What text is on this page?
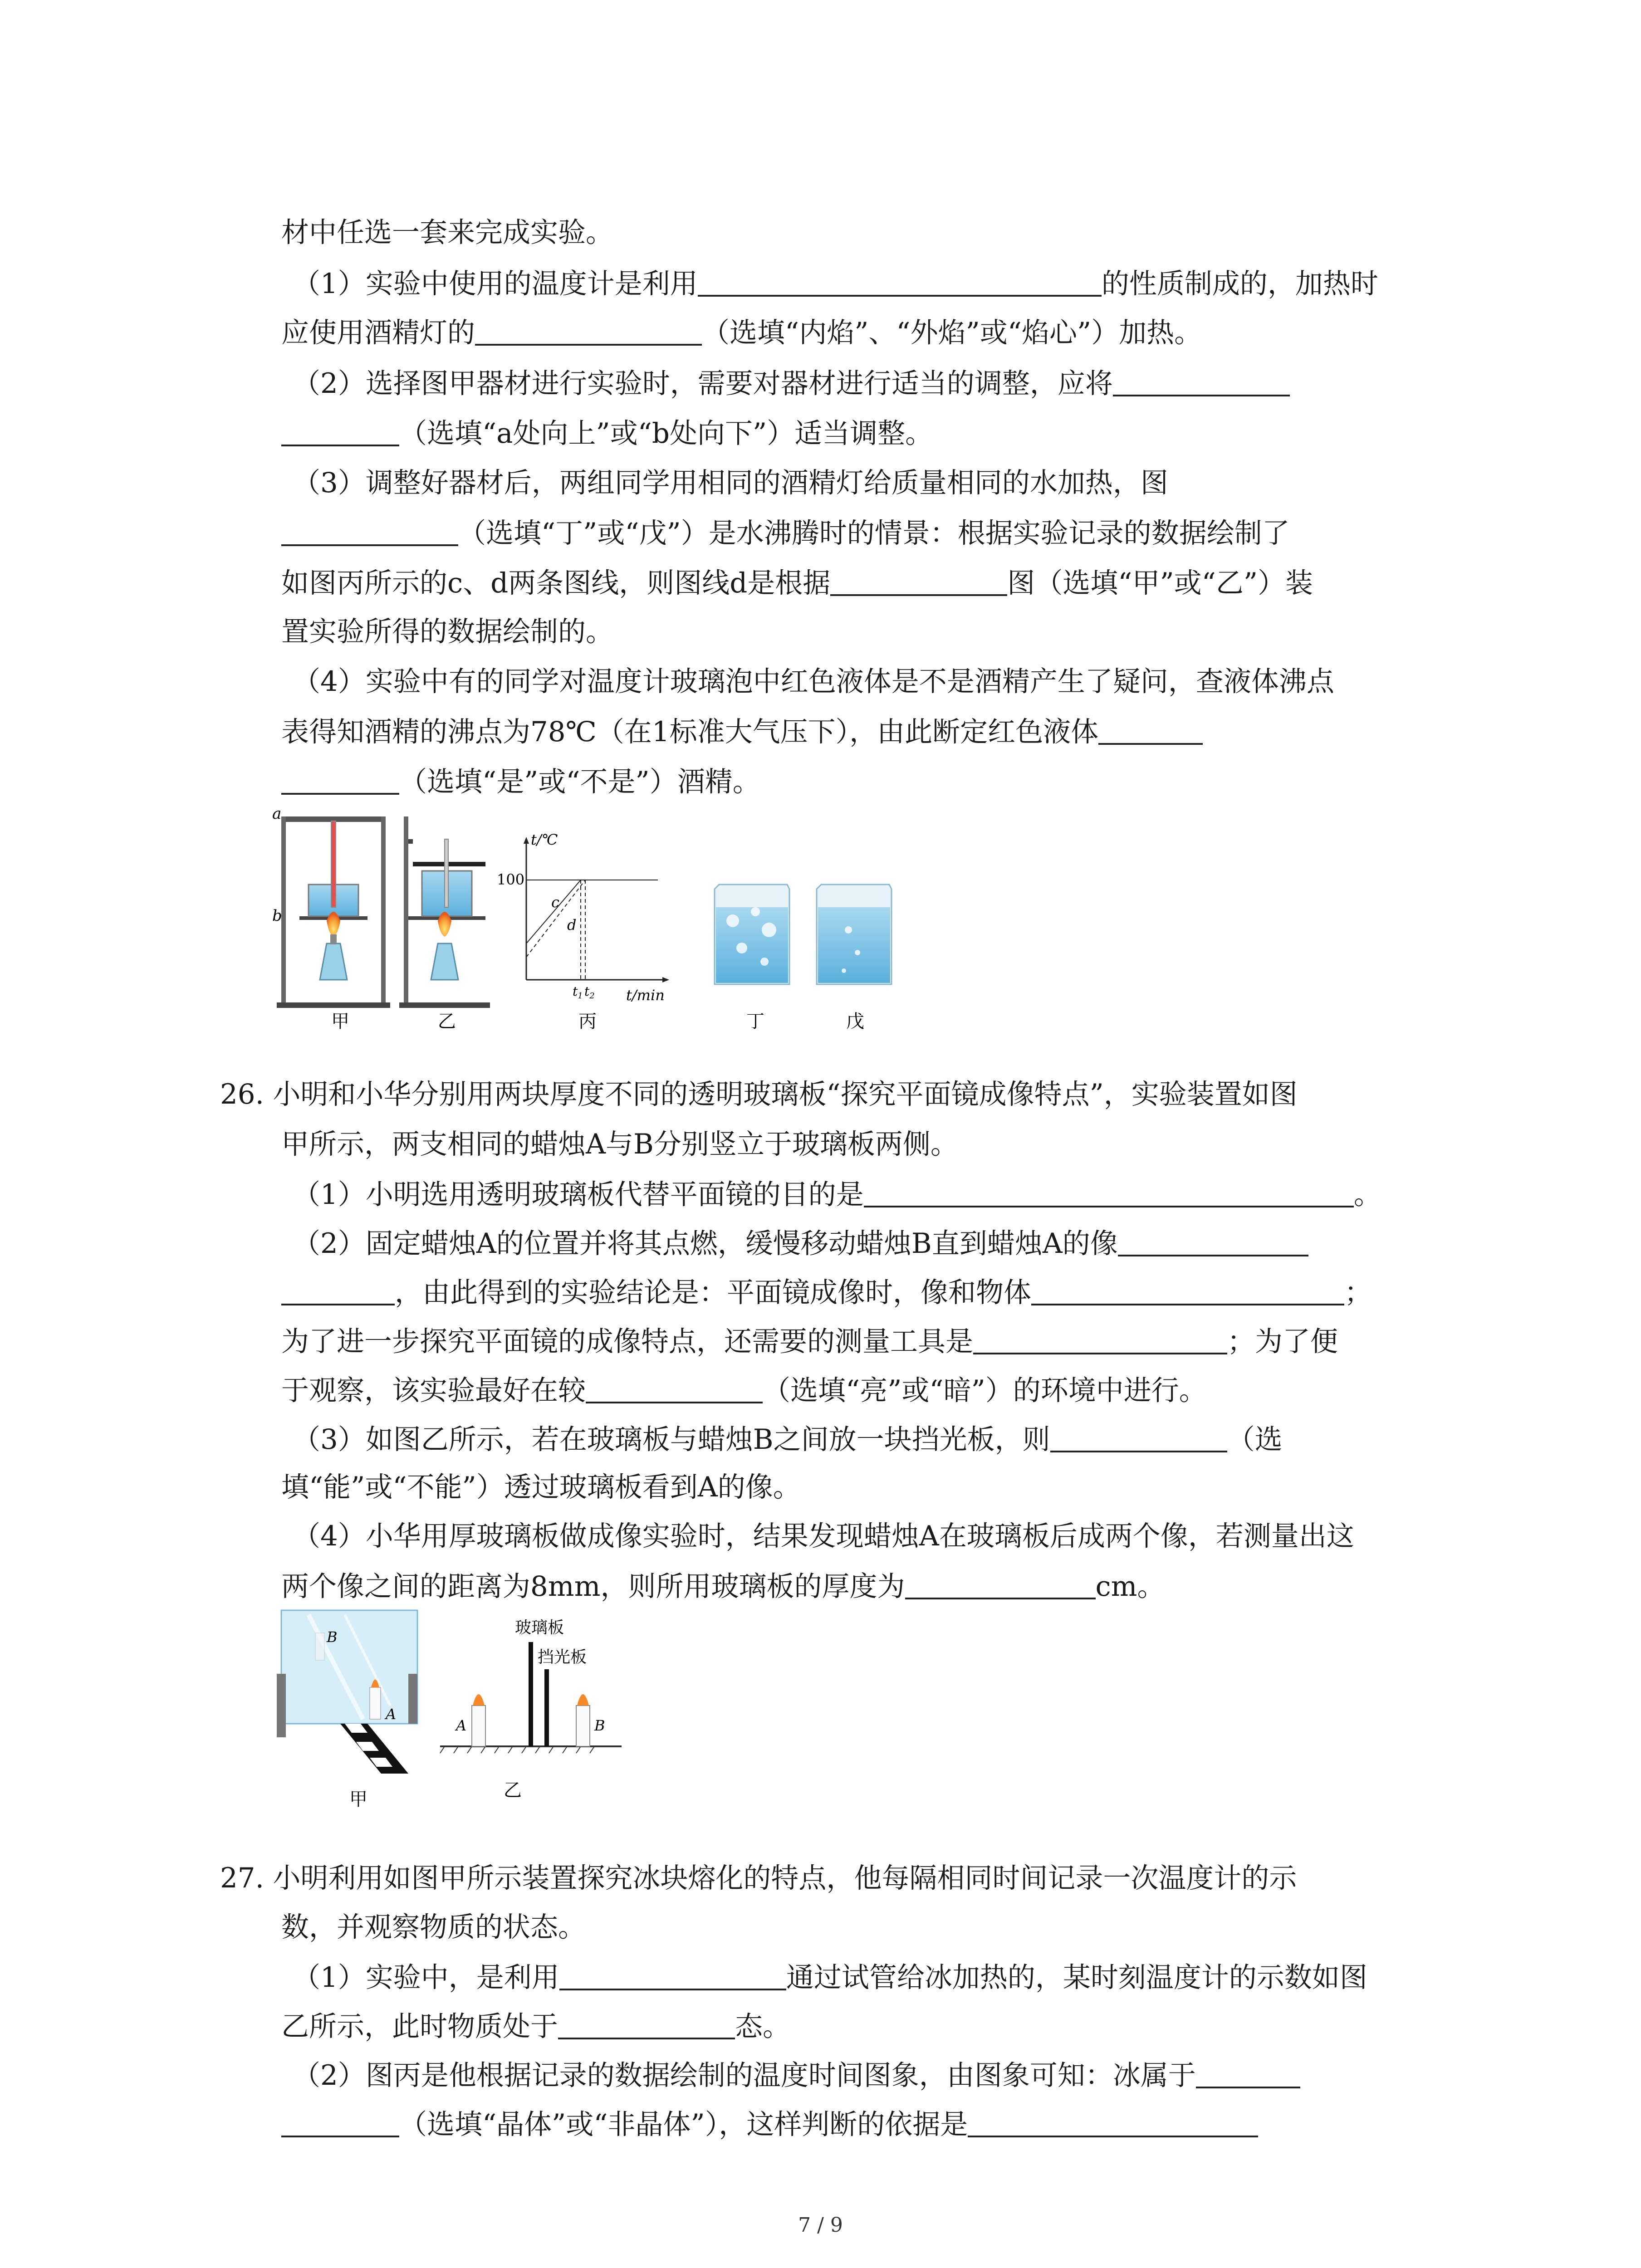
材中任选一套来完成实验。
（1）实验中使用的温度计是利用	的性质制成的，加热时
应使用酒精灯的	（选填“内焰”、“外焰”或“焰心”）加热。
（2）选择图甲器材进行实验时，需要对器材进行适当的调整，应将
（选填“a处向上”或“b处向下”）适当调整。
（3）调整好器材后，两组同学用相同的酒精灯给质量相同的水加热，图
（选填“丁”或“戊”）是水沸腾时的情景：根据实验记录的数据绘制了
如图丙所示的c、d两条图线，则图线d是根据	图（选填“甲”或“乙”）装
置实验所得的数据绘制的。
（4）实验中有的同学对温度计玻璃泡中红色液体是不是酒精产生了疑问，查液体沸点
表得知酒精的沸点为78℃（在1标准大气压下），由此断定红色液体
（选填“是”或“不是”）酒精。
a
b
甲	乙
t/℃
100
c
d
$t_1$ $t_2$ t/min
丙	丁	戊
26. 小明和小华分别用两块厚度不同的透明玻璃板“探究平面镜成像特点”，实验装置如图
甲所示，两支相同的蜡烛A与B分别竖立于玻璃板两侧。
（1）小明选用透明玻璃板代替平面镜的目的是	。
（2）固定蜡烛A的位置并将其点燃，缓慢移动蜡烛B直到蜡烛A的像
，由此得到的实验结论是：平面镜成像时，像和物体	；
为了进一步探究平面镜的成像特点，还需要的测量工具是	；为了便
于观察，该实验最好在较	（选填“亮”或“暗”）的环境中进行。
（3）如图乙所示，若在玻璃板与蜡烛B之间放一块挡光板，则	（选
填“能”或“不能”）透过玻璃板看到A的像。
（4）小华用厚玻璃板做成像实验时，结果发现蜡烛A在玻璃板后成两个像，若测量出这
两个像之间的距离为8mm，则所用玻璃板的厚度为	cm。
B
A
甲
A	B
玻璃板
挡光板
乙
27. 小明利用如图甲所示装置探究冰块熔化的特点，他每隔相同时间记录一次温度计的示
数，并观察物质的状态。
（1）实验中，是利用	通过试管给冰加热的，某时刻温度计的示数如图
乙所示，此时物质处于	态。
（2）图丙是他根据记录的数据绘制的温度时间图象，由图象可知：冰属于
（选填“晶体”或“非晶体”），这样判断的依据是
7 / 9
